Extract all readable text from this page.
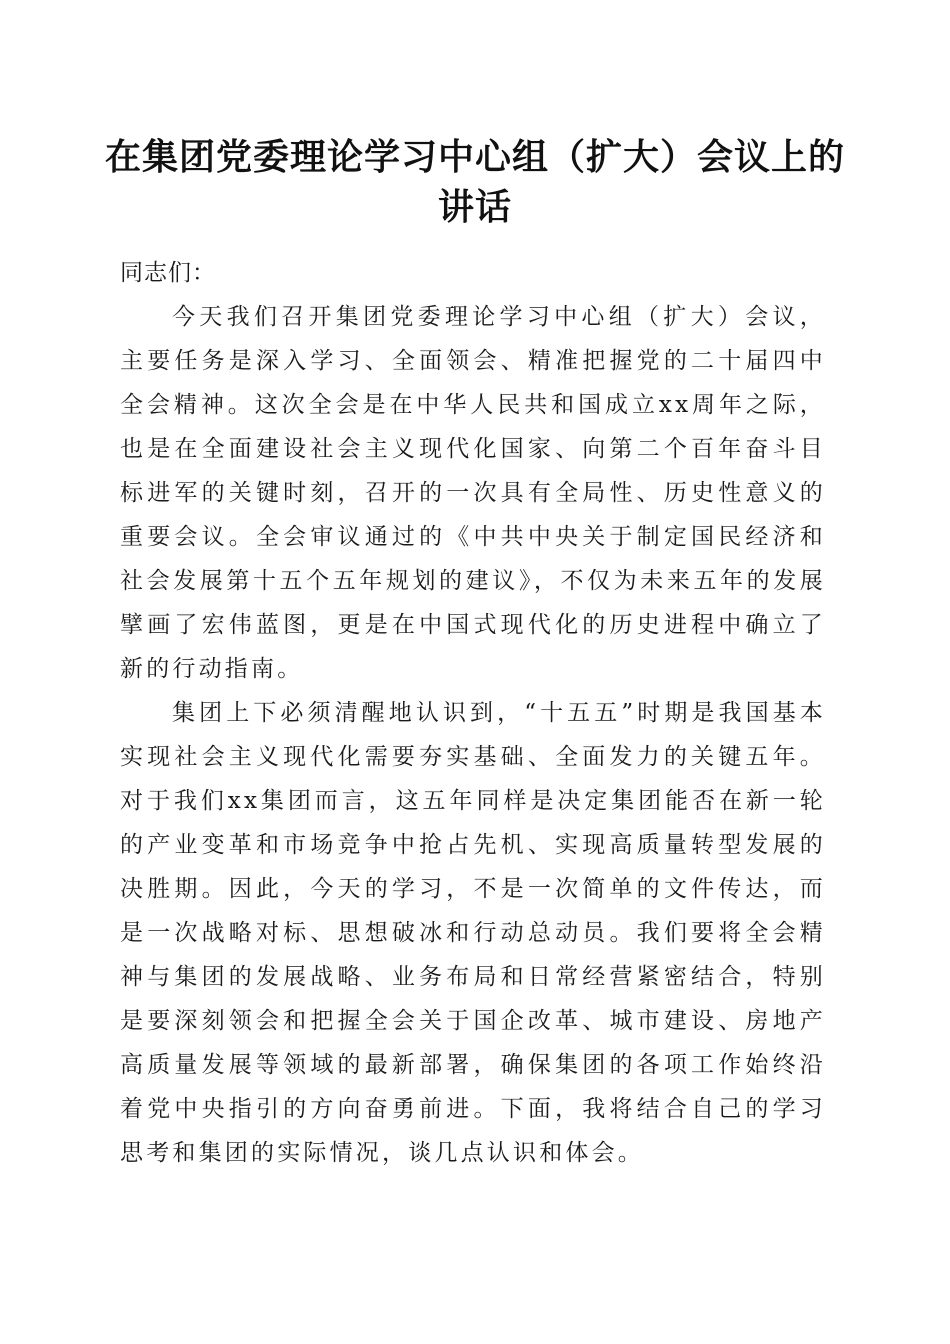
在集团党委理论学习中心组（扩大）会议上的
讲话

同志们：

今天我们召开集团党委理论学习中心组（扩大）会议，主要任务是深入学习、全面领会、精准把握党的二十届四中全会精神。这次全会是在中华人民共和国成立xx周年之际，也是在全面建设社会主义现代化国家、向第二个百年奋斗目标进军的关键时刻，召开的一次具有全局性、历史性意义的重要会议。全会审议通过的《中共中央关于制定国民经济和社会发展第十五个五年规划的建议》，不仅为未来五年的发展擘画了宏伟蓝图，更是在中国式现代化的历史进程中确立了新的行动指南。

集团上下必须清醒地认识到，“十五五”时期是我国基本实现社会主义现代化需要夯实基础、全面发力的关键五年。对于我们xx集团而言，这五年同样是决定集团能否在新一轮的产业变革和市场竞争中抢占先机、实现高质量转型发展的决胜期。因此，今天的学习，不是一次简单的文件传达，而是一次战略对标、思想破冰和行动总动员。我们要将全会精神与集团的发展战略、业务布局和日常经营紧密结合，特别是要深刻领会和把握全会关于国企改革、城市建设、房地产高质量发展等领域的最新部署，确保集团的各项工作始终沿着党中央指引的方向奋勇前进。下面，我将结合自己的学习思考和集团的实际情况，谈几点认识和体会。
